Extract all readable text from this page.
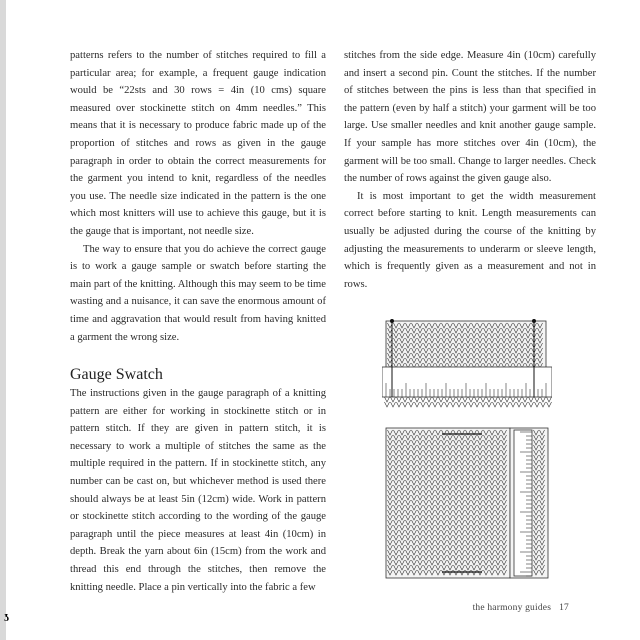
patterns refers to the number of stitches required to fill a particular area; for example, a frequent gauge indication would be “22sts and 30 rows = 4in (10 cms) square measured over stockinette stitch on 4mm needles.” This means that it is necessary to produce fabric made up of the proportion of stitches and rows as given in the gauge paragraph in order to obtain the correct measurements for the garment you intend to knit, regardless of the needles you use. The needle size indicated in the pattern is the one which most knitters will use to achieve this gauge, but it is the gauge that is important, not needle size.

The way to ensure that you do achieve the correct gauge is to work a gauge sample or swatch before starting the main part of the knitting. Although this may seem to be time wasting and a nuisance, it can save the enormous amount of time and aggravation that would result from having knitted a garment the wrong size.

Gauge Swatch

The instructions given in the gauge paragraph of a knitting pattern are either for working in stockinette stitch or in pattern stitch. If they are given in pattern stitch, it is necessary to work a multiple of stitches the same as the multiple required in the pattern. If in stockinette stitch, any number can be cast on, but whichever method is used there should always be at least 5in (12cm) wide. Work in pattern or stockinette stitch according to the wording of the gauge paragraph until the piece measures at least 4in (10cm) in depth. Break the yarn about 6in (15cm) from the work and thread this end through the stitches, then remove the knitting needle. Place a pin vertically into the fabric a few

stitches from the side edge. Measure 4in (10cm) carefully and insert a second pin. Count the stitches. If the number of stitches between the pins is less than that specified in the pattern (even by half a stitch) your garment will be too large. Use smaller needles and knit another gauge sample. If your sample has more stitches over 4in (10cm), the garment will be too small. Change to larger needles. Check the number of rows against the given gauge also.

It is most important to get the width measurement correct before starting to knit. Length measurements can usually be adjusted during the course of the knitting by adjusting the measurements to underarm or sleeve length, which is frequently given as a measurement and not in rows.

the harmony guides 17
ʖ
